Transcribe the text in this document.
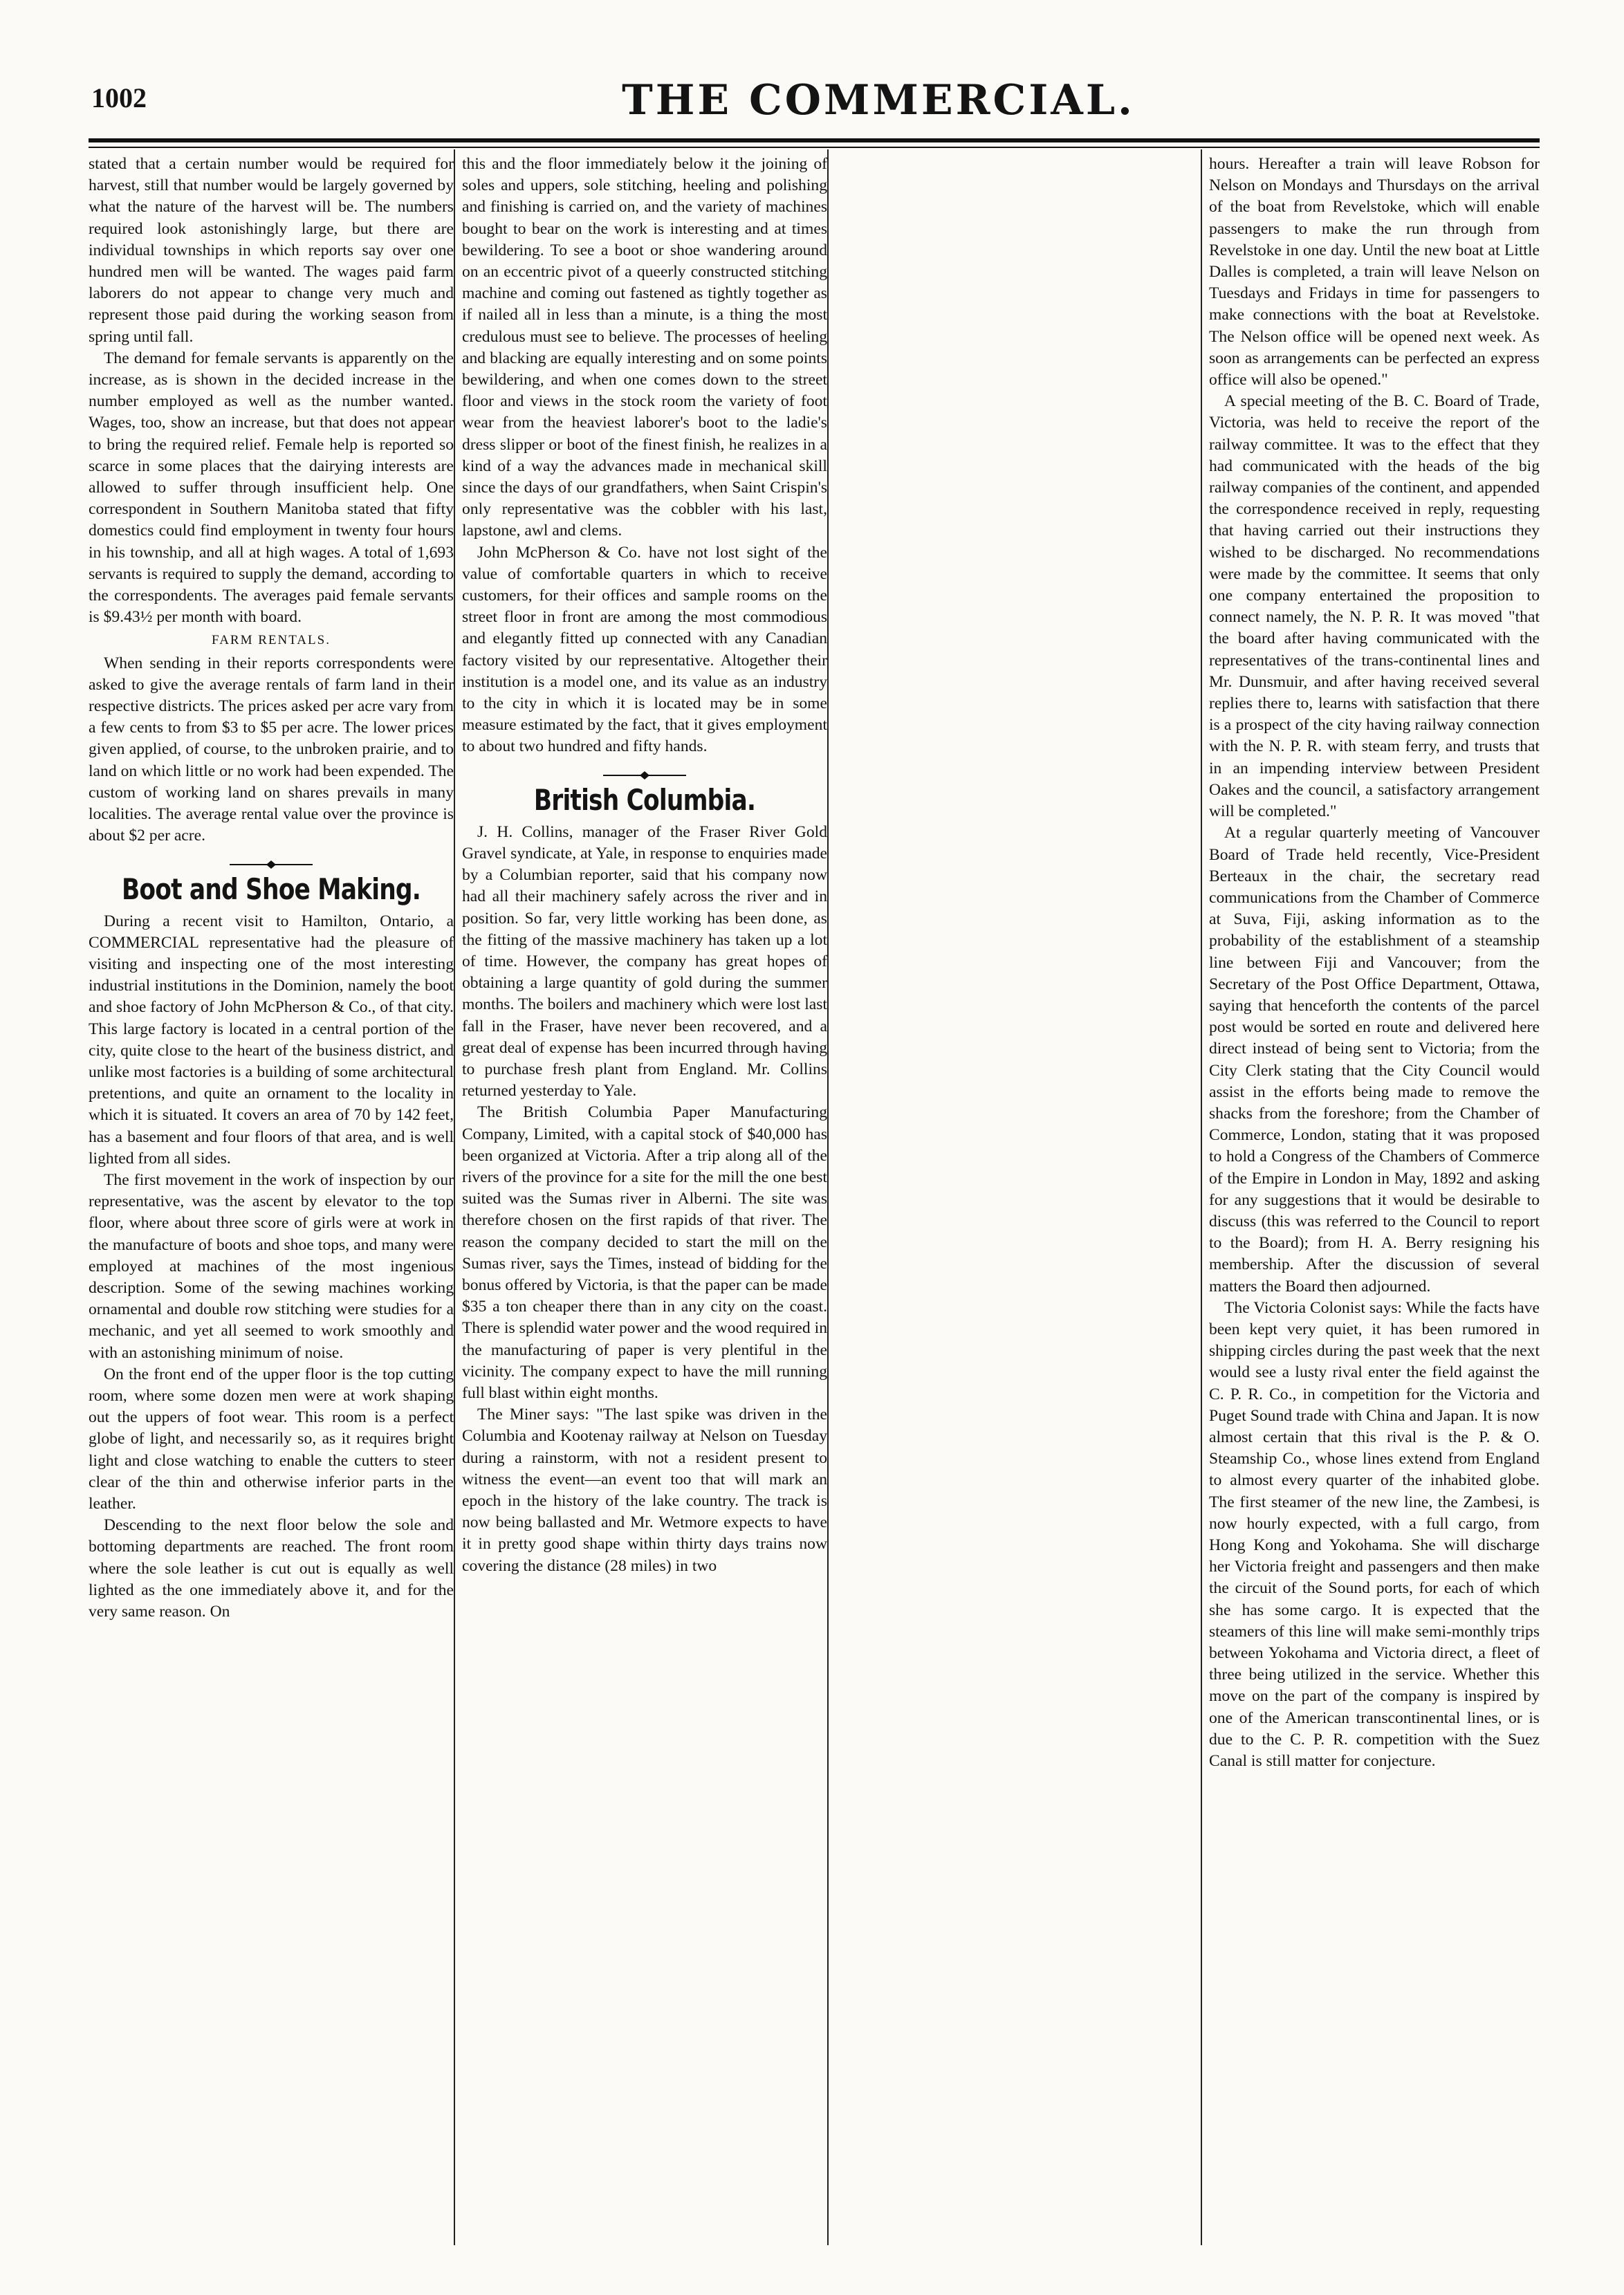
1002	THE COMMERCIAL.

stated that a certain number would be required for harvest, still that number would be largely governed by what the nature of the harvest will be. The numbers required look astonishingly large, but there are individual townships in which reports say over one hundred men will be wanted. The wages paid farm laborers do not appear to change very much and represent those paid during the working season from spring until fall.

The demand for female servants is apparently on the increase, as is shown in the decided increase in the number employed as well as the number wanted. Wages, too, show an increase, but that does not appear to bring the required relief. Female help is reported so scarce in some places that the dairying interests are allowed to suffer through insufficient help. One correspondent in Southern Manitoba stated that fifty domestics could find employment in twenty four hours in his township, and all at high wages. A total of 1,693 servants is required to supply the demand, according to the correspondents. The averages paid female servants is $9.43½ per month with board.

FARM RENTALS.

When sending in their reports correspondents were asked to give the average rentals of farm land in their respective districts. The prices asked per acre vary from a few cents to from $3 to $5 per acre. The lower prices given applied, of course, to the unbroken prairie, and to land on which little or no work had been expended. The custom of working land on shares prevails in many localities. The average rental value over the province is about $2 per acre.

Boot and Shoe Making.

During a recent visit to Hamilton, Ontario, a COMMERCIAL representative had the pleasure of visiting and inspecting one of the most interesting industrial institutions in the Dominion, namely the boot and shoe factory of John McPherson & Co., of that city. This large factory is located in a central portion of the city, quite close to the heart of the business district, and unlike most factories is a building of some architectural pretentions, and quite an ornament to the locality in which it is situated. It covers an area of 70 by 142 feet, has a basement and four floors of that area, and is well lighted from all sides.

The first movement in the work of inspection by our representative, was the ascent by elevator to the top floor, where about three score of girls were at work in the manufacture of boots and shoe tops, and many were employed at machines of the most ingenious description. Some of the sewing machines working ornamental and double row stitching were studies for a mechanic, and yet all seemed to work smoothly and with an astonishing minimum of noise.

On the front end of the upper floor is the top cutting room, where some dozen men were at work shaping out the uppers of foot wear. This room is a perfect globe of light, and necessarily so, as it requires bright light and close watching to enable the cutters to steer clear of the thin and otherwise inferior parts in the leather.

Descending to the next floor below the sole and bottoming departments are reached. The front room where the sole leather is cut out is equally as well lighted as the one immediately above it, and for the very same reason. On

this and the floor immediately below it the joining of soles and uppers, sole stitching, heeling and polishing and finishing is carried on, and the variety of machines bought to bear on the work is interesting and at times bewildering. To see a boot or shoe wandering around on an eccentric pivot of a queerly constructed stitching machine and coming out fastened as tightly together as if nailed all in less than a minute, is a thing the most credulous must see to believe. The processes of heeling and blacking are equally interesting and on some points bewildering, and when one comes down to the street floor and views in the stock room the variety of foot wear from the heaviest laborer's boot to the ladie's dress slipper or boot of the finest finish, he realizes in a kind of a way the advances made in mechanical skill since the days of our grandfathers, when Saint Crispin's only representative was the cobbler with his last, lapstone, awl and clems.

John McPherson & Co. have not lost sight of the value of comfortable quarters in which to receive customers, for their offices and sample rooms on the street floor in front are among the most commodious and elegantly fitted up connected with any Canadian factory visited by our representative. Altogether their institution is a model one, and its value as an industry to the city in which it is located may be in some measure estimated by the fact, that it gives employment to about two hundred and fifty hands.

British Columbia.

J. H. Collins, manager of the Fraser River Gold Gravel syndicate, at Yale, in response to enquiries made by a Columbian reporter, said that his company now had all their machinery safely across the river and in position. So far, very little working has been done, as the fitting of the massive machinery has taken up a lot of time. However, the company has great hopes of obtaining a large quantity of gold during the summer months. The boilers and machinery which were lost last fall in the Fraser, have never been recovered, and a great deal of expense has been incurred through having to purchase fresh plant from England. Mr. Collins returned yesterday to Yale.

The British Columbia Paper Manufacturing Company, Limited, with a capital stock of $40,000 has been organized at Victoria. After a trip along all of the rivers of the province for a site for the mill the one best suited was the Sumas river in Alberni. The site was therefore chosen on the first rapids of that river. The reason the company decided to start the mill on the Sumas river, says the Times, instead of bidding for the bonus offered by Victoria, is that the paper can be made $35 a ton cheaper there than in any city on the coast. There is splendid water power and the wood required in the manufacturing of paper is very plentiful in the vicinity. The company expect to have the mill running full blast within eight months.

The Miner says: "The last spike was driven in the Columbia and Kootenay railway at Nelson on Tuesday during a rainstorm, with not a resident present to witness the event—an event too that will mark an epoch in the history of the lake country. The track is now being ballasted and Mr. Wetmore expects to have it in pretty good shape within thirty days trains now covering the distance (28 miles) in two

hours. Hereafter a train will leave Robson for Nelson on Mondays and Thursdays on the arrival of the boat from Revelstoke, which will enable passengers to make the run through from Revelstoke in one day. Until the new boat at Little Dalles is completed, a train will leave Nelson on Tuesdays and Fridays in time for passengers to make connections with the boat at Revelstoke. The Nelson office will be opened next week. As soon as arrangements can be perfected an express office will also be opened."

A special meeting of the B. C. Board of Trade, Victoria, was held to receive the report of the railway committee. It was to the effect that they had communicated with the heads of the big railway companies of the continent, and appended the correspondence received in reply, requesting that having carried out their instructions they wished to be discharged. No recommendations were made by the committee. It seems that only one company entertained the proposition to connect namely, the N. P. R. It was moved "that the board after having communicated with the representatives of the trans-continental lines and Mr. Dunsmuir, and after having received several replies there to, learns with satisfaction that there is a prospect of the city having railway connection with the N. P. R. with steam ferry, and trusts that in an impending interview between President Oakes and the council, a satisfactory arrangement will be completed."

At a regular quarterly meeting of Vancouver Board of Trade held recently, Vice-President Berteaux in the chair, the secretary read communications from the Chamber of Commerce at Suva, Fiji, asking information as to the probability of the establishment of a steamship line between Fiji and Vancouver; from the Secretary of the Post Office Department, Ottawa, saying that henceforth the contents of the parcel post would be sorted en route and delivered here direct instead of being sent to Victoria; from the City Clerk stating that the City Council would assist in the efforts being made to remove the shacks from the foreshore; from the Chamber of Commerce, London, stating that it was proposed to hold a Congress of the Chambers of Commerce of the Empire in London in May, 1892 and asking for any suggestions that it would be desirable to discuss (this was referred to the Council to report to the Board); from H. A. Berry resigning his membership. After the discussion of several matters the Board then adjourned.

The Victoria Colonist says: While the facts have been kept very quiet, it has been rumored in shipping circles during the past week that the next would see a lusty rival enter the field against the C. P. R. Co., in competition for the Victoria and Puget Sound trade with China and Japan. It is now almost certain that this rival is the P. & O. Steamship Co., whose lines extend from England to almost every quarter of the inhabited globe. The first steamer of the new line, the Zambesi, is now hourly expected, with a full cargo, from Hong Kong and Yokohama. She will discharge her Victoria freight and passengers and then make the circuit of the Sound ports, for each of which she has some cargo. It is expected that the steamers of this line will make semi-monthly trips between Yokohama and Victoria direct, a fleet of three being utilized in the service. Whether this move on the part of the company is inspired by one of the American transcontinental lines, or is due to the C. P. R. competition with the Suez Canal is still matter for conjecture.
